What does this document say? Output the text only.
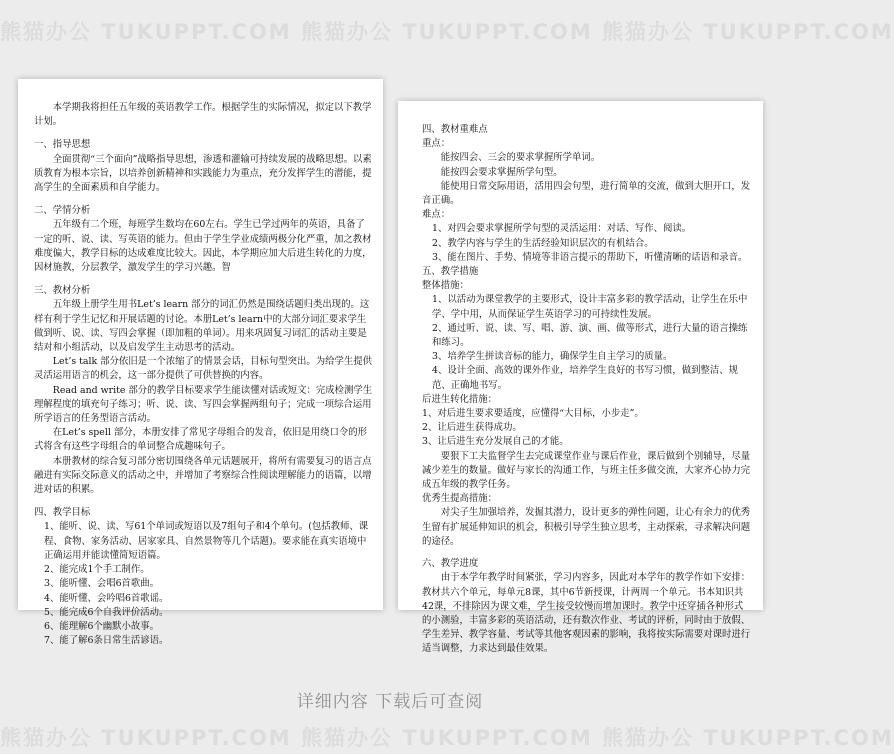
熊猫办公 TUKUPPT.COM 熊猫办公 TUKUPPT.COM 熊猫办公 TUKUPPT.COM

本学期我将担任五年级的英语教学工作。根据学生的实际情况，拟定以下教学计划。

一、指导思想

全面贯彻“三个面向”战略指导思想，渗透和灌输可持续发展的战略思想。以素质教育为根本宗旨，以培养创新精神和实践能力为重点，充分发挥学生的潜能，提高学生的全面素质和自学能力。

二、学情分析

五年级有二个班，每班学生数均在60左右。学生已学过两年的英语，具备了一定的听、说、读、写英语的能力。但由于学生学业成绩两极分化严重，加之教材难度偏大，教学目标的达成难度比较大。因此，本学期应加大后进生转化的力度，因材施教，分层教学，激发学生的学习兴趣。智

三、教材分析

五年级上册学生用书Let’s learn 部分的词汇仍然是围绕话题归类出现的。这样有利于学生记忆和开展话题的讨论。本册Let’s learn中的大部分词汇要求学生做到听、说、读、写四会掌握（即加粗的单词）。用来巩固复习词汇的活动主要是结对和小组活动，以及启发学生主动思考的活动。

Let’s talk 部分依旧是一个浓缩了的情景会话，目标句型突出。为给学生提供灵活运用语言的机会，这一部分提供了可供替换的内容。

Read and write 部分的教学目标要求学生能读懂对话或短文：完成检测学生理解程度的填充句子练习；听、说、读、写四会掌握两组句子；完成一项综合运用所学语言的任务型语言活动。

在Let’s spell 部分，本册安排了常见字母组合的发音，依旧是用绕口令的形式将含有这些字母组合的单词整合成趣味句子。

本册教材的综合复习部分密切围绕各单元话题展开，将所有需要复习的语言点融进有实际交际意义的活动之中，并增加了考察综合性阅读理解能力的语篇，以增进对话的积累。

四、教学目标

1、能听、说、读、写61个单词或短语以及7组句子和4个单句。(包括教师、课程、食物、家务活动、居家家具、自然景物等几个话题)。要求能在真实语境中正确运用并能读懂简短语篇。

2、能完成1个手工制作。

3、能听懂、会唱6首歌曲。

4、能听懂、会吟唱6首歌谣。

5、能完成6个自我评价活动。

6、能理解6个幽默小故事。

7、能了解6条日常生活谚语。

四、教材重难点

重点：

能按四会、三会的要求掌握所学单词。

能按四会要求掌握所学句型。

能使用日常交际用语，活用四会句型，进行简单的交流，做到大胆开口，发音正确。

难点：

1、对四会要求掌握所学句型的灵活运用：对话、写作、阅读。

2、教学内容与学生的生活经验知识层次的有机结合。

3、能在图片、手势、情境等非语言提示的帮助下，听懂清晰的话语和录音。

五、教学措施

整体措施：

1、以活动为课堂教学的主要形式，设计丰富多彩的教学活动，让学生在乐中学、学中用，从而保证学生英语学习的可持续性发展。

2、通过听、说、读、写、唱、游、演、画、做等形式，进行大量的语言操练和练习。

3、培养学生拼读音标的能力，确保学生自主学习的质量。

4、设计全面、高效的课外作业，培养学生良好的书写习惯，做到整洁、规范、正确地书写。

后进生转化措施：

1、对后进生要求要适度，应懂得“大目标，小步走”。

2、让后进生获得成功。

3、让后进生充分发展自己的才能。

要狠下工夫监督学生去完成课堂作业与课后作业，课后做到个别辅导，尽量减少差生的数量。做好与家长的沟通工作，与班主任多做交流，大家齐心协力完成五年级的教学任务。

优秀生提高措施：

对尖子生加强培养，发掘其潜力，设计更多的弹性问题，让心有余力的优秀生留有扩展延伸知识的机会，积极引导学生独立思考，主动探索，寻求解决问题的途径。

六、教学进度

由于本学年教学时间紧张，学习内容多，因此对本学年的教学作如下安排：教材共六个单元，每单元8课，其中6节新授课，计两周一个单元。书本知识共42课，不排除因为课文难，学生接受较慢而增加课时。教学中还穿插各种形式的小测验，丰富多彩的英语活动，还有数次作业、考试的评析，同时由于放假、学生差异、教学容量、考试等其他客观因素的影响，我将按实际需要对课时进行适当调整，力求达到最佳效果。

详细内容 下载后可查阅
熊猫办公 TUKUPPT.COM 熊猫办公 TUKUPPT.COM 熊猫办公 TUKUPPT.COM
